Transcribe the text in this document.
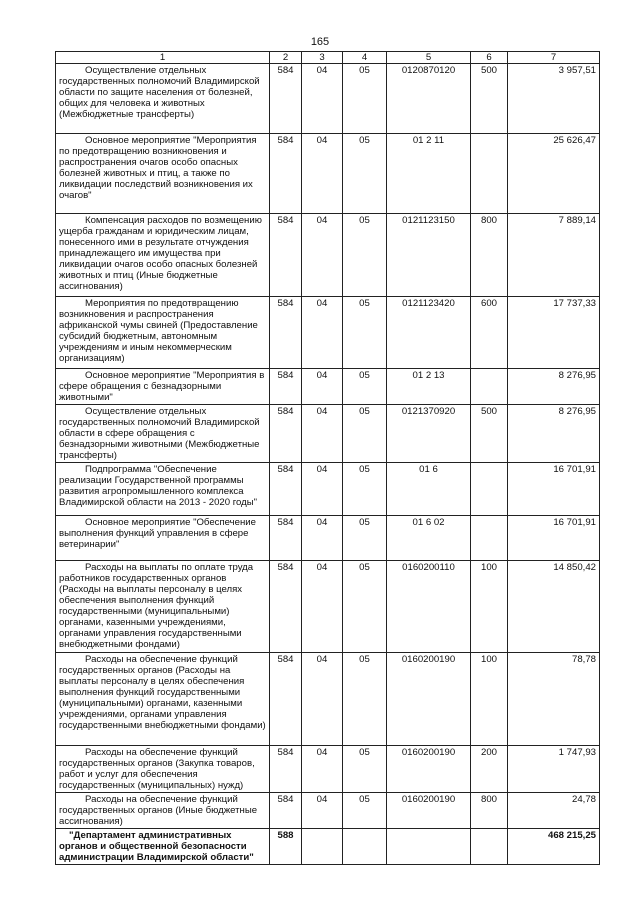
165
1	2	3	4	5	6	7

Осуществление отдельных государственных полномочий Владимирской области по защите населения от болезней, общих для человека и животных (Межбюджетные трансферты)	584	04	05	0120870120	500	3 957,51

Основное мероприятие "Мероприятия по предотвращению возникновения и распространения очагов особо опасных болезней животных и птиц, а также по ликвидации последствий возникновения их очагов"	584	04	05	01 2 11		25 626,47

Компенсация расходов по возмещению ущерба гражданам и юридическим лицам, понесенного ими в результате отчуждения принадлежащего им имущества при ликвидации очагов особо опасных болезней животных и птиц (Иные бюджетные ассигнования)	584	04	05	0121123150	800	7 889,14

Мероприятия по предотвращению возникновения и распространения африканской чумы свиней (Предоставление субсидий бюджетным, автономным учреждениям и иным некоммерческим организациям)	584	04	05	0121123420	600	17 737,33

Основное мероприятие "Мероприятия в сфере обращения с безнадзорными животными"	584	04	05	01 2 13		8 276,95

Осуществление отдельных государственных полномочий Владимирской области в сфере обращения с безнадзорными животными (Межбюджетные трансферты)	584	04	05	0121370920	500	8 276,95

Подпрограмма "Обеспечение реализации Государственной программы развития агропромышленного комплекса Владимирской области на 2013 - 2020 годы"	584	04	05	01 6		16 701,91

Основное мероприятие "Обеспечение выполнения функций управления в сфере ветеринарии"	584	04	05	01 6 02		16 701,91

Расходы на выплаты по оплате труда работников государственных органов (Расходы на выплаты персоналу в целях обеспечения выполнения функций государственными (муниципальными) органами, казенными учреждениями, органами управления государственными внебюджетными фондами)	584	04	05	0160200110	100	14 850,42

Расходы на обеспечение функций государственных органов (Расходы на выплаты персоналу в целях обеспечения выполнения функций государственными (муниципальными) органами, казенными учреждениями, органами управления государственными внебюджетными фондами)	584	04	05	0160200190	100	78,78

Расходы на обеспечение функций государственных органов (Закупка товаров, работ и услуг для обеспечения государственных (муниципальных) нужд)	584	04	05	0160200190	200	1 747,93

Расходы на обеспечение функций государственных органов (Иные бюджетные ассигнования)	584	04	05	0160200190	800	24,78

"Департамент административных органов и общественной безопасности администрации Владимирской области"	588					468 215,25
